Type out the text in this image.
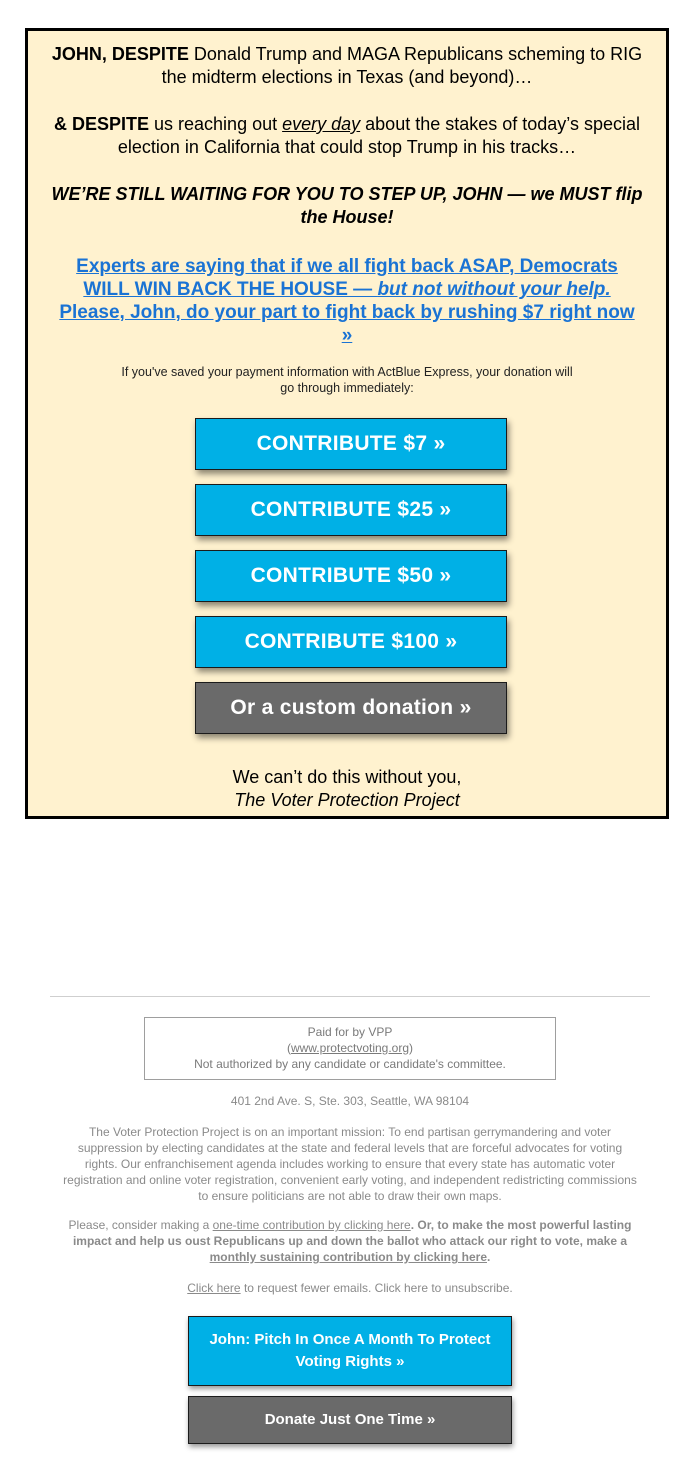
JOHN, DESPITE Donald Trump and MAGA Republicans scheming to RIG the midterm elections in Texas (and beyond)…

& DESPITE us reaching out every day about the stakes of today’s special election in California that could stop Trump in his tracks…

WE’RE STILL WAITING FOR YOU TO STEP UP, JOHN — we MUST flip the House!

Experts are saying that if we all fight back ASAP, Democrats WILL WIN BACK THE HOUSE — but not without your help. Please, John, do your part to fight back by rushing $7 right now »
If you've saved your payment information with ActBlue Express, your donation will go through immediately:
CONTRIBUTE $7 »
CONTRIBUTE $25 »
CONTRIBUTE $50 »
CONTRIBUTE $100 »
Or a custom donation »
We can’t do this without you,
The Voter Protection Project
Paid for by VPP
(www.protectvoting.org)
Not authorized by any candidate or candidate's committee.
401 2nd Ave. S, Ste. 303, Seattle, WA 98104
The Voter Protection Project is on an important mission: To end partisan gerrymandering and voter suppression by electing candidates at the state and federal levels that are forceful advocates for voting rights. Our enfranchisement agenda includes working to ensure that every state has automatic voter registration and online voter registration, convenient early voting, and independent redistricting commissions to ensure politicians are not able to draw their own maps.
Please, consider making a one-time contribution by clicking here. Or, to make the most powerful lasting impact and help us oust Republicans up and down the ballot who attack our right to vote, make a monthly sustaining contribution by clicking here.
Click here to request fewer emails. Click here to unsubscribe.
John: Pitch In Once A Month To Protect Voting Rights »
Donate Just One Time »
